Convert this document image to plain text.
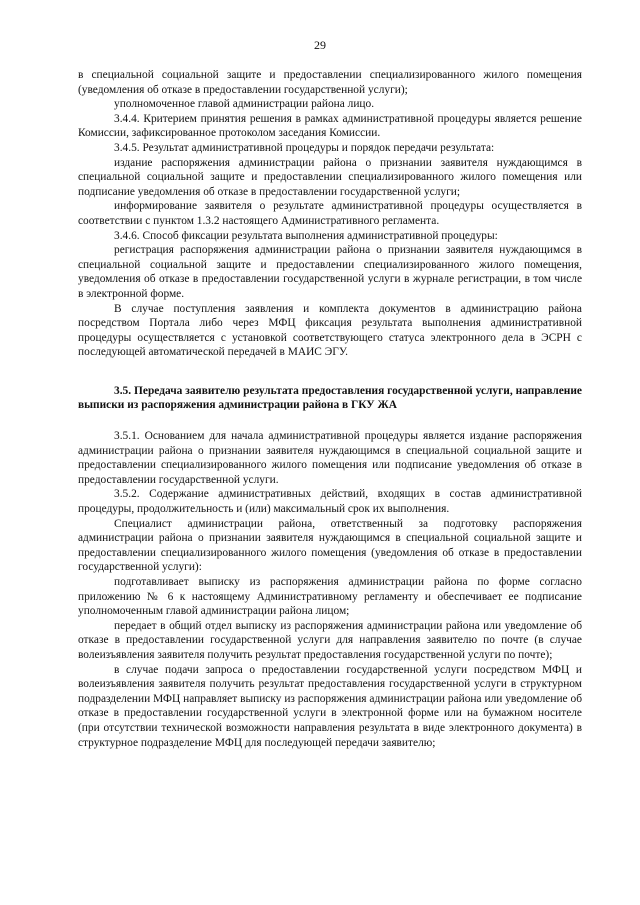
29

в специальной социальной защите и предоставлении специализированного жилого помещения (уведомления об отказе в предоставлении государственной услуги);

уполномоченное главой администрации района лицо.

3.4.4. Критерием принятия решения в рамках административной процедуры является решение Комиссии, зафиксированное протоколом заседания Комиссии.

3.4.5. Результат административной процедуры и порядок передачи результата:

издание распоряжения администрации района о признании заявителя нуждающимся в специальной социальной защите и предоставлении специализированного жилого помещения или подписание уведомления об отказе в предоставлении государственной услуги;

информирование заявителя о результате административной процедуры осуществляется в соответствии с пунктом 1.3.2 настоящего Административного регламента.

3.4.6. Способ фиксации результата выполнения административной процедуры:

регистрация распоряжения администрации района о признании заявителя нуждающимся в специальной социальной защите и предоставлении специализированного жилого помещения, уведомления об отказе в предоставлении государственной услуги в журнале регистрации, в том числе в электронной форме.

В случае поступления заявления и комплекта документов в администрацию района посредством Портала либо через МФЦ фиксация результата выполнения административной процедуры осуществляется с установкой соответствующего статуса электронного дела в ЭСРН с последующей автоматической передачей в МАИС ЭГУ.

3.5. Передача заявителю результата предоставления государственной услуги, направление выписки из распоряжения администрации района в ГКУ ЖА

3.5.1. Основанием для начала административной процедуры является издание распоряжения администрации района о признании заявителя нуждающимся в специальной социальной защите и предоставлении специализированного жилого помещения или подписание уведомления об отказе в предоставлении государственной услуги.

3.5.2. Содержание административных действий, входящих в состав административной процедуры, продолжительность и (или) максимальный срок их выполнения.

Специалист администрации района, ответственный за подготовку распоряжения администрации района о признании заявителя нуждающимся в специальной социальной защите и предоставлении специализированного жилого помещения (уведомления об отказе в предоставлении государственной услуги):

подготавливает выписку из распоряжения администрации района по форме согласно приложению № 6 к настоящему Административному регламенту и обеспечивает ее подписание уполномоченным главой администрации района лицом;

передает в общий отдел выписку из распоряжения администрации района или уведомление об отказе в предоставлении государственной услуги для направления заявителю по почте (в случае волеизъявления заявителя получить результат предоставления государственной услуги по почте);

в случае подачи запроса о предоставлении государственной услуги посредством МФЦ и волеизъявления заявителя получить результат предоставления государственной услуги в структурном подразделении МФЦ направляет выписку из распоряжения администрации района или уведомление об отказе в предоставлении государственной услуги в электронной форме или на бумажном носителе (при отсутствии технической возможности направления результата в виде электронного документа) в структурное подразделение МФЦ для последующей передачи заявителю;
